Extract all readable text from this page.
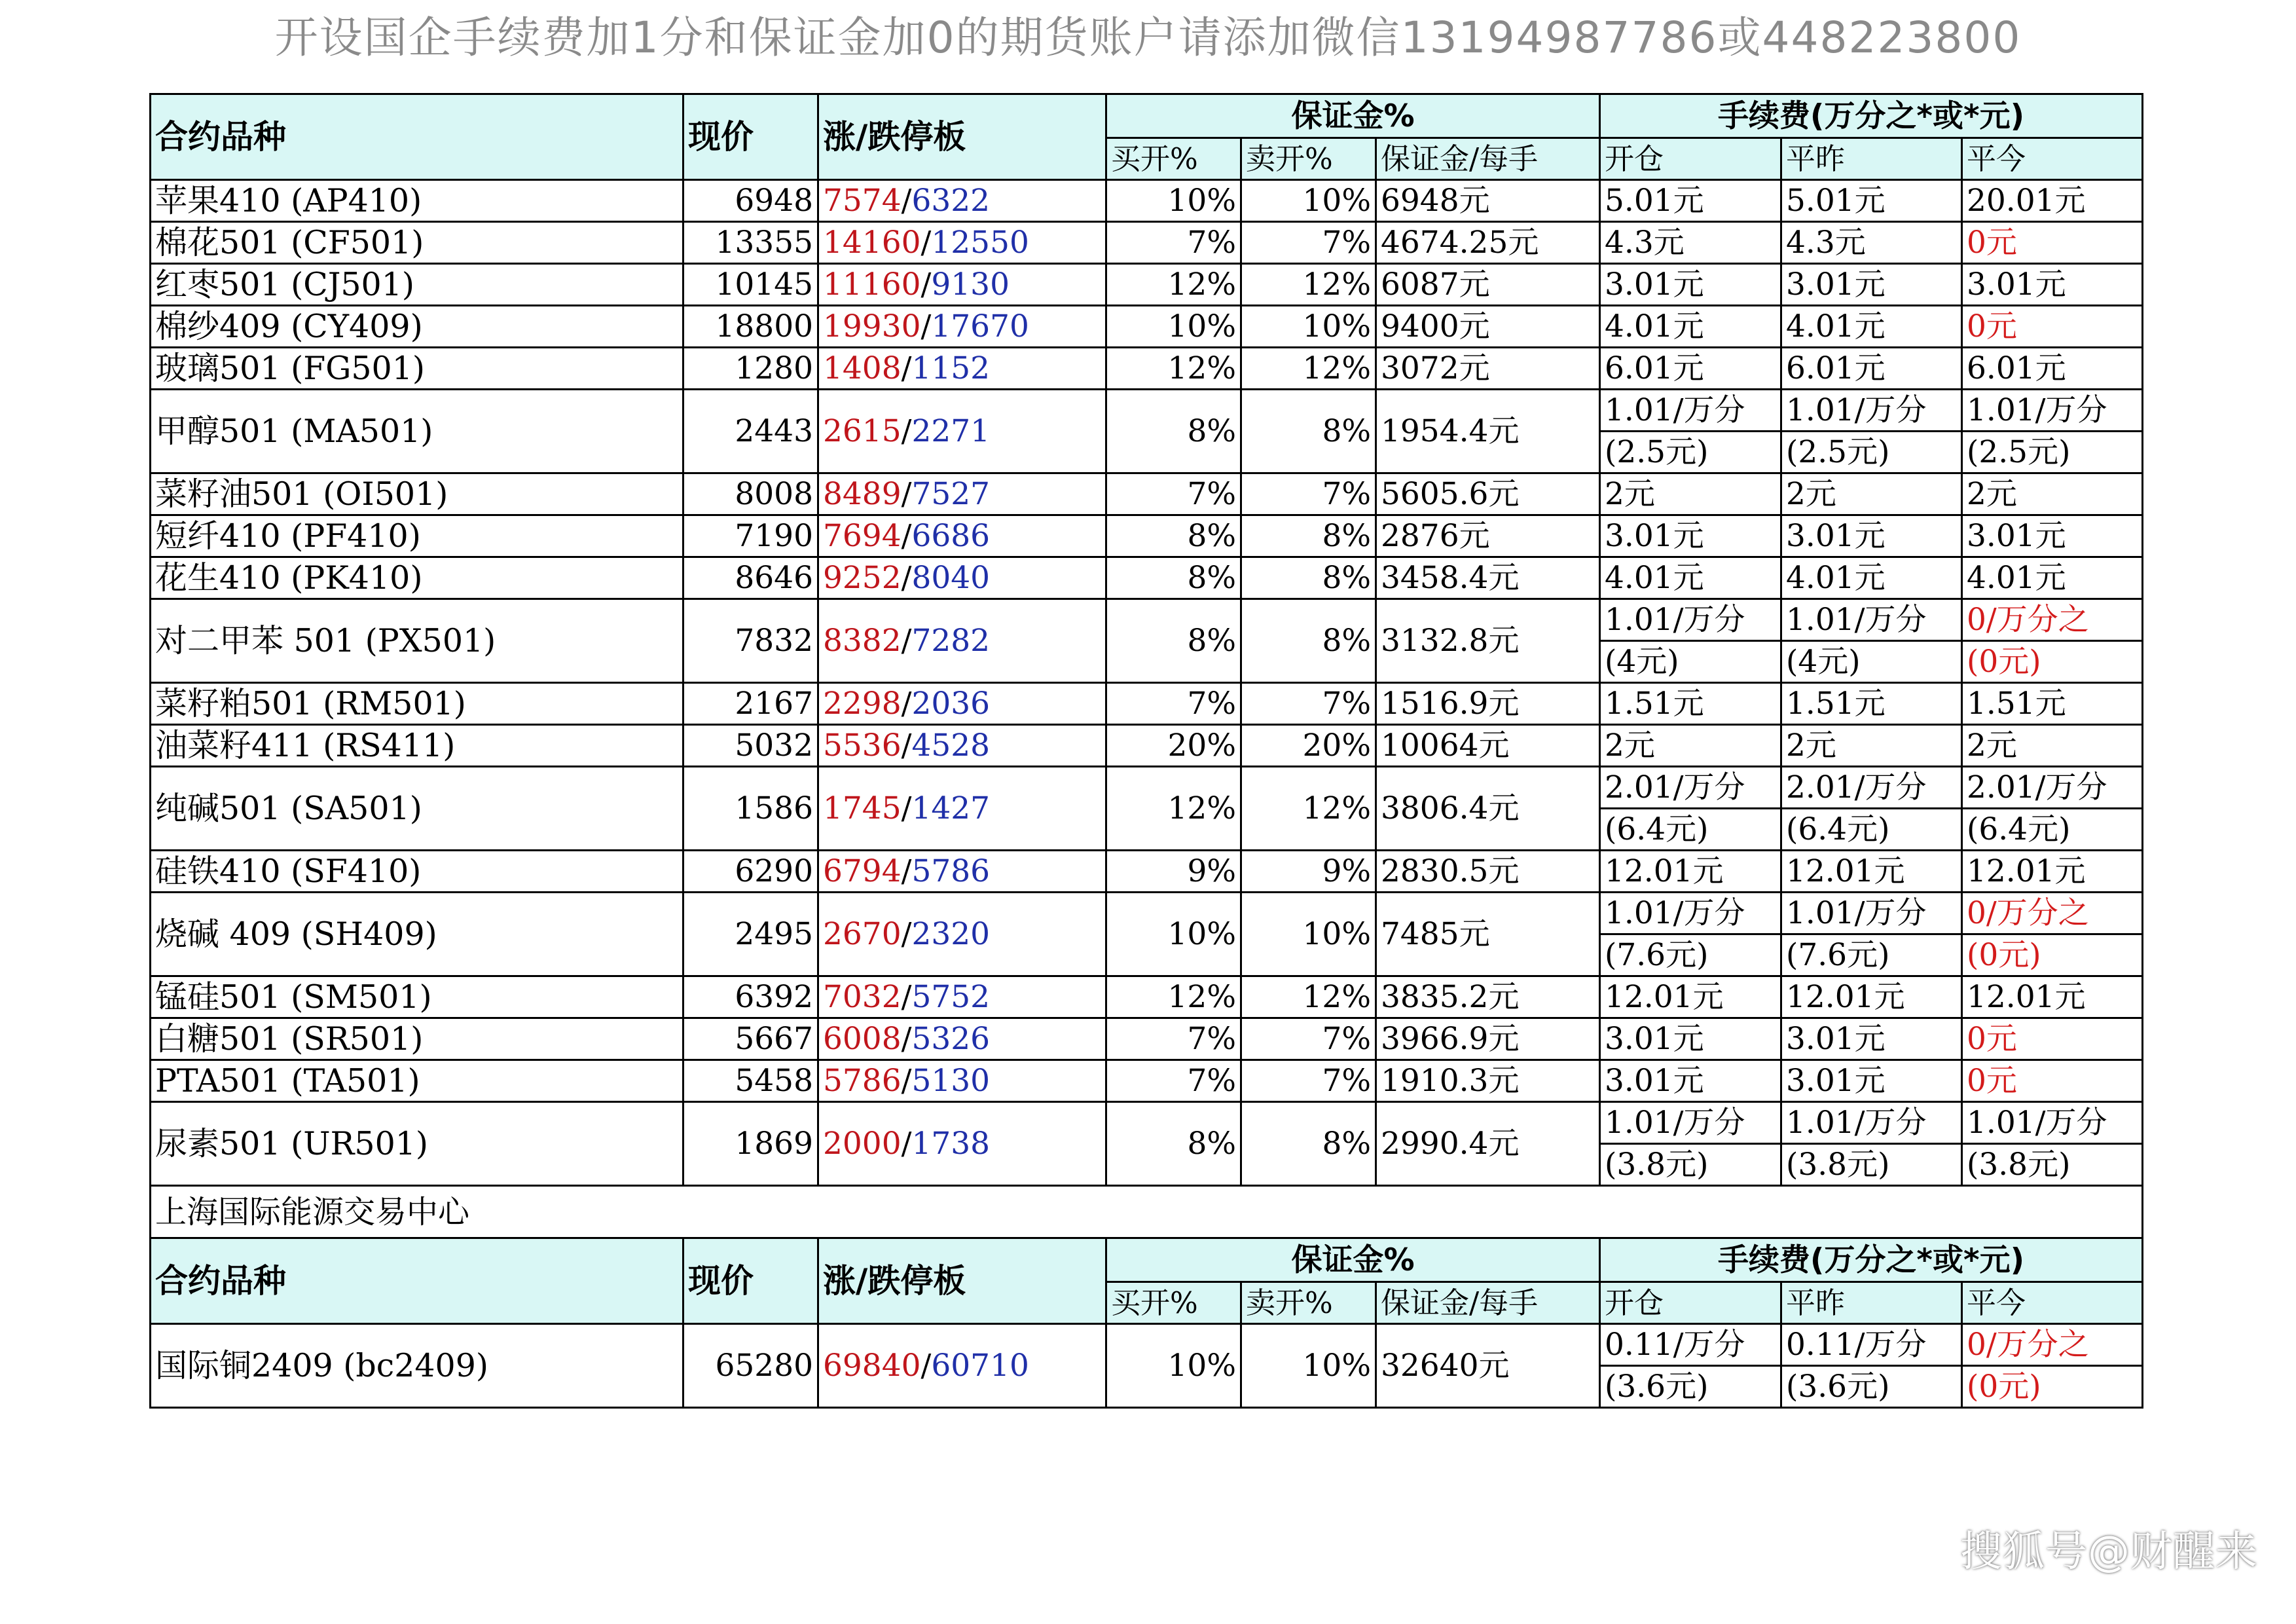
开设国企手续费加1分和保证金加0的期货账户请添加微信13194987786或448223800
合约品种	现价	涨/跌停板	保证金%			手续费(万分之*或*元)		
			买开%	卖开%	保证金/每手	开仓	平昨	平今
苹果410 (AP410)	6948	7574/6322	10%	10%	6948元	5.01元	5.01元	20.01元
棉花501 (CF501)	13355	14160/12550	7%	7%	4674.25元	4.3元	4.3元	0元
红枣501 (CJ501)	10145	11160/9130	12%	12%	6087元	3.01元	3.01元	3.01元
棉纱409 (CY409)	18800	19930/17670	10%	10%	9400元	4.01元	4.01元	0元
玻璃501 (FG501)	1280	1408/1152	12%	12%	3072元	6.01元	6.01元	6.01元
甲醇501 (MA501)	2443	2615/2271	8%	8%	1954.4元	1.01/万分	1.01/万分	1.01/万分
						(2.5元)	(2.5元)	(2.5元)
菜籽油501 (OI501)	8008	8489/7527	7%	7%	5605.6元	2元	2元	2元
短纤410 (PF410)	7190	7694/6686	8%	8%	2876元	3.01元	3.01元	3.01元
花生410 (PK410)	8646	9252/8040	8%	8%	3458.4元	4.01元	4.01元	4.01元
对二甲苯 501 (PX501)	7832	8382/7282	8%	8%	3132.8元	1.01/万分	1.01/万分	0/万分之
						(4元)	(4元)	(0元)
菜籽粕501 (RM501)	2167	2298/2036	7%	7%	1516.9元	1.51元	1.51元	1.51元
油菜籽411 (RS411)	5032	5536/4528	20%	20%	10064元	2元	2元	2元
纯碱501 (SA501)	1586	1745/1427	12%	12%	3806.4元	2.01/万分	2.01/万分	2.01/万分
						(6.4元)	(6.4元)	(6.4元)
硅铁410 (SF410)	6290	6794/5786	9%	9%	2830.5元	12.01元	12.01元	12.01元
烧碱 409 (SH409)	2495	2670/2320	10%	10%	7485元	1.01/万分	1.01/万分	0/万分之
						(7.6元)	(7.6元)	(0元)
锰硅501 (SM501)	6392	7032/5752	12%	12%	3835.2元	12.01元	12.01元	12.01元
白糖501 (SR501)	5667	6008/5326	7%	7%	3966.9元	3.01元	3.01元	0元
PTA501 (TA501)	5458	5786/5130	7%	7%	1910.3元	3.01元	3.01元	0元
尿素501 (UR501)	1869	2000/1738	8%	8%	2990.4元	1.01/万分	1.01/万分	1.01/万分
						(3.8元)	(3.8元)	(3.8元)
上海国际能源交易中心								
合约品种	现价	涨/跌停板	保证金%			手续费(万分之*或*元)		
			买开%	卖开%	保证金/每手	开仓	平昨	平今
国际铜2409 (bc2409)	65280	69840/60710	10%	10%	32640元	0.11/万分	0.11/万分	0/万分之
						(3.6元)	(3.6元)	(0元)
搜狐号@财醒来
